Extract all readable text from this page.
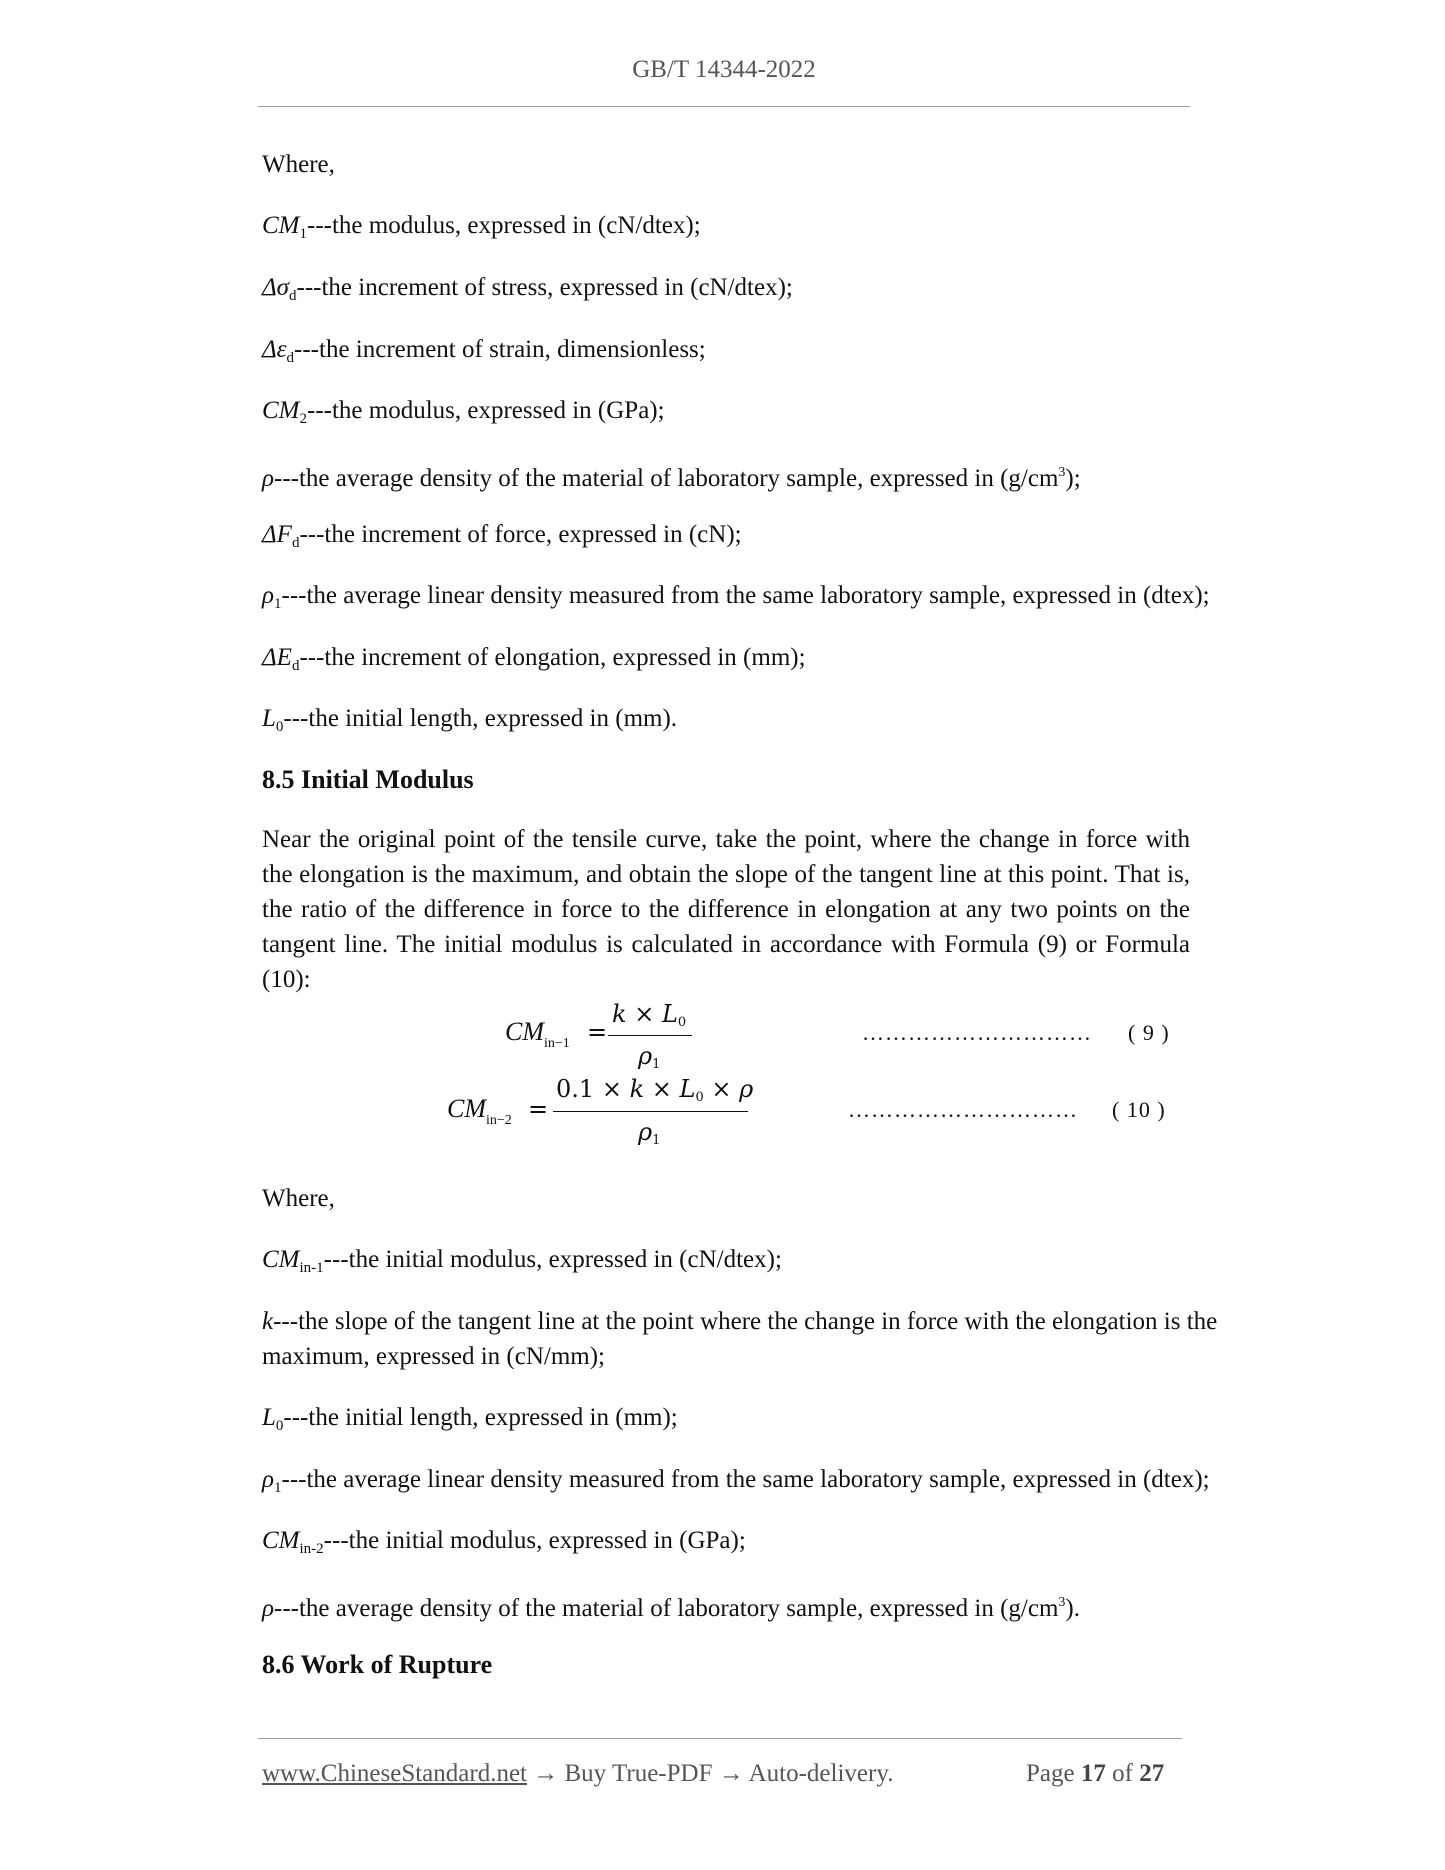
GB/T 14344-2022
Where,
$CM_1--$-the modulus, expressed in (cN/dtex);
$\Delta\sigma_d--$-the increment of stress, expressed in (cN/dtex);
$\Delta\varepsilon_d--$-the increment of strain, dimensionless;
$CM_2--$-the modulus, expressed in (GPa);
ρ---the average density of the material of laboratory sample, expressed in $(g/cm^3)$;
$\Delta F_d--$-the increment of force, expressed in (cN);
$\rho_1--$-the average linear density measured from the same laboratory sample, expressed in (dtex);
$\Delta E_d--$-the increment of elongation, expressed in (mm);
$L_0--$-the initial length, expressed in (mm).
8.5 Initial Modulus
Near the original point of the tensile curve, take the point, where the change in force with the elongation is the maximum, and obtain the slope of the tangent line at this point. That is, the ratio of the difference in force to the difference in elongation at any two points on the tangent line. The initial modulus is calculated in accordance with Formula (9) or Formula (10):
$CM_{in-1}$ =
k × L0
ρ1
………………………… ( 9 )
$CM_{in-2}$ =
0.1 × k × L0 × ρ
ρ1
………………………… ( 10 )
Where,
$CM_{in-1}--$-the initial modulus, expressed in (cN/dtex);
k---the slope of the tangent line at the point where the change in force with the elongation is the
maximum, expressed in (cN/mm);
$L_0--$-the initial length, expressed in (mm);
$\rho_1--$-the average linear density measured from the same laboratory sample, expressed in (dtex);
$CM_{in-2}--$-the initial modulus, expressed in (GPa);
ρ---the average density of the material of laboratory sample, expressed in $(g/cm^3)$.
8.6 Work of Rupture
www.ChineseStandard.net → Buy True-PDF → Auto-delivery.	Page 17 of 27
